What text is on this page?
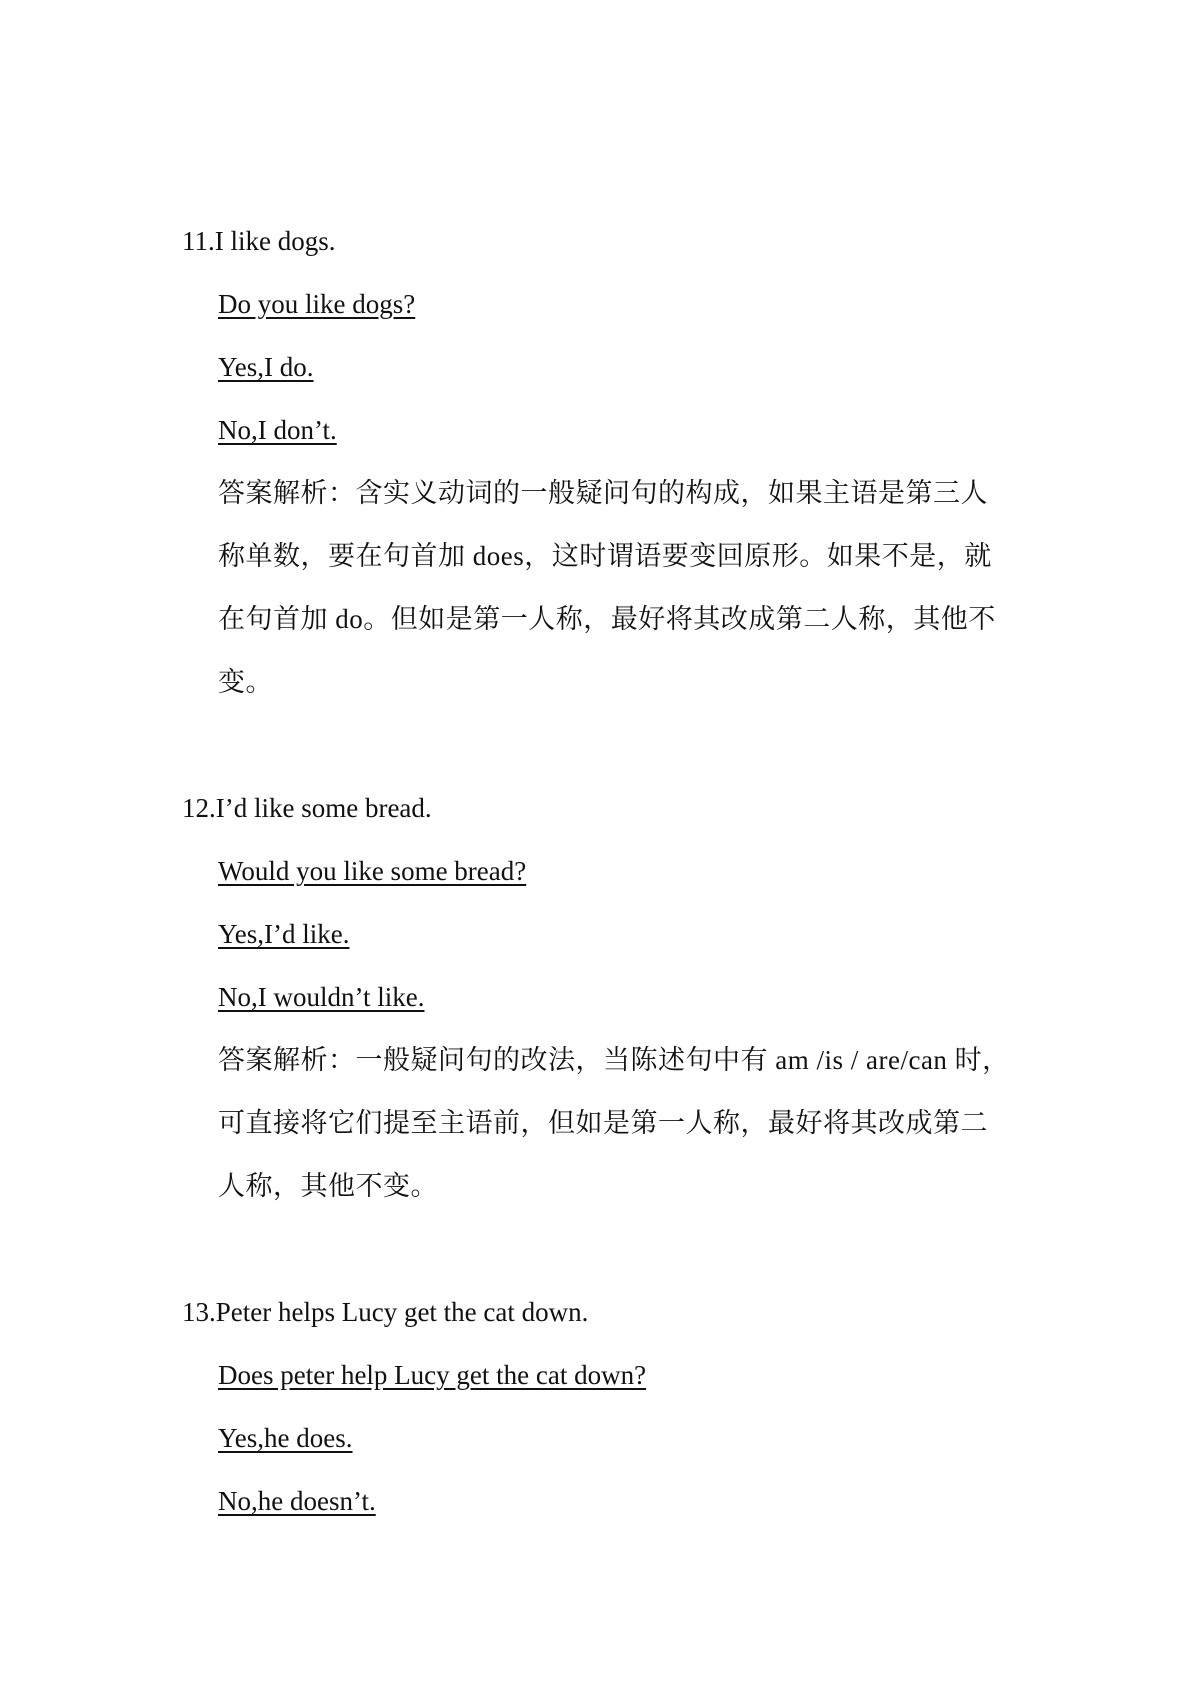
11.I like dogs.
Do you like dogs?
Yes,I do.
No,I don’t.
答案解析：含实义动词的一般疑问句的构成，如果主语是第三人
称单数，要在句首加 does，这时谓语要变回原形。如果不是，就
在句首加 do。但如是第一人称，最好将其改成第二人称，其他不
变。
12.I’d like some bread.
Would you like some bread?
Yes,I’d like.
No,I wouldn’t like.
答案解析：一般疑问句的改法，当陈述句中有 am /is / are/can 时，
可直接将它们提至主语前，但如是第一人称，最好将其改成第二
人称，其他不变。
13.Peter helps Lucy get the cat down.
Does peter help Lucy get the cat down?
Yes,he does.
No,he doesn’t.
